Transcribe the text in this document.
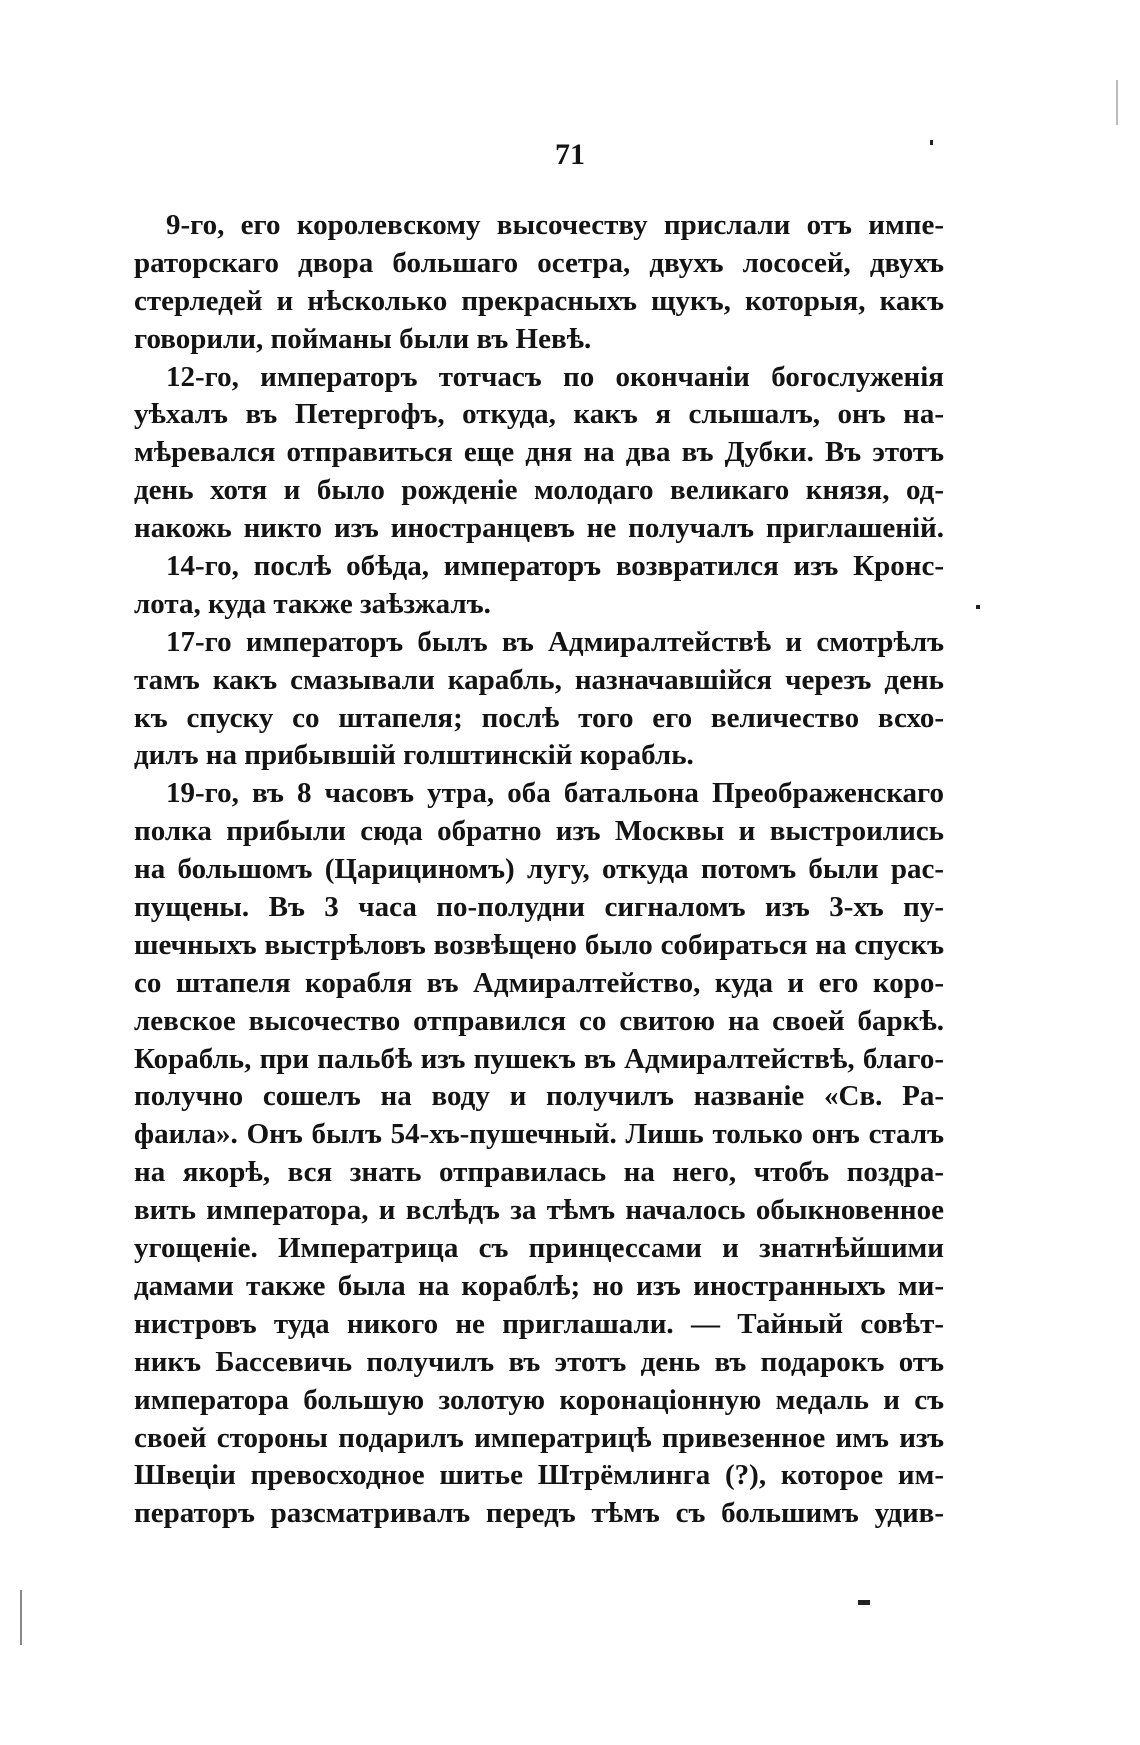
71
9-го, его королевскому высочеству прислали отъ импе-
раторскаго двора большаго осетра, двухъ лососей, двухъ
стерледей и нѣсколько прекрасныхъ щукъ, которыя, какъ
говорили, пойманы были въ Невѣ.
12-го, императоръ тотчасъ по окончаніи богослуженія
уѣхалъ въ Петергофъ, откуда, какъ я слышалъ, онъ на-
мѣревался отправиться еще дня на два въ Дубки. Въ этотъ
день хотя и было рожденіе молодаго великаго князя, од-
накожь никто изъ иностранцевъ не получалъ приглашеній.
14-го, послѣ обѣда, императоръ возвратился изъ Кронс-
лота, куда также заѣзжалъ.
17-го императоръ былъ въ Адмиралтействѣ и смотрѣлъ
тамъ какъ смазывали карабль, назначавшійся черезъ день
къ спуску со штапеля; послѣ того его величество всхо-
дилъ на прибывшій голштинскій корабль.
19-го, въ 8 часовъ утра, оба батальона Преображенскаго
полка прибыли сюда обратно изъ Москвы и выстроились
на большомъ (Царициномъ) лугу, откуда потомъ были рас-
пущены. Въ 3 часа по-полудни сигналомъ изъ 3-хъ пу-
шечныхъ выстрѣловъ возвѣщено было собираться на спускъ
со штапеля корабля въ Адмиралтейство, куда и его коро-
левское высочество отправился со свитою на своей баркѣ.
Корабль, при пальбѣ изъ пушекъ въ Адмиралтействѣ, благо-
получно сошелъ на воду и получилъ названіе «Св. Ра-
фаила». Онъ былъ 54-хъ-пушечный. Лишь только онъ сталъ
на якорѣ, вся знать отправилась на него, чтобъ поздра-
вить императора, и вслѣдъ за тѣмъ началось обыкновенное
угощеніе. Императрица съ принцессами и знатнѣйшими
дамами также была на кораблѣ; но изъ иностранныхъ ми-
нистровъ туда никого не приглашали. — Тайный совѣт-
никъ Бассевичь получилъ въ этотъ день въ подарокъ отъ
императора большую золотую коронаціонную медаль и съ
своей стороны подарилъ императрицѣ привезенное имъ изъ
Швеціи превосходное шитье Штрёмлинга (?), которое им-
ператоръ разсматривалъ передъ тѣмъ съ большимъ удив-
